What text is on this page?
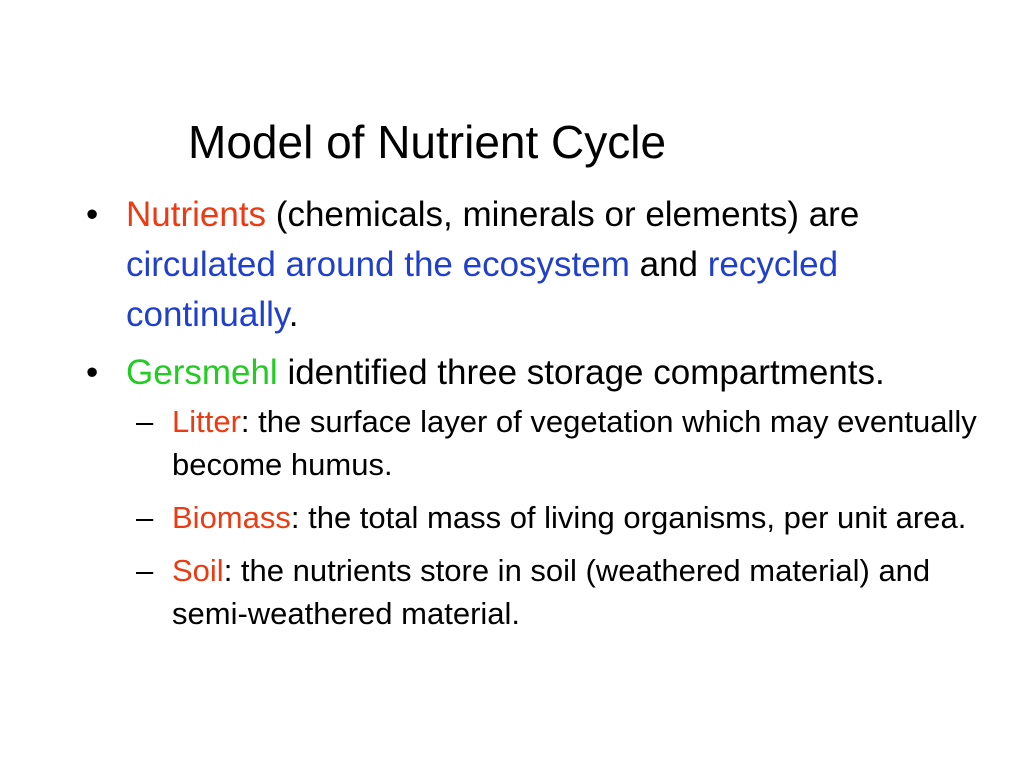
Model of Nutrient Cycle
• Nutrients (chemicals, minerals or elements) are circulated around the ecosystem and recycled continually.
• Gersmehl identified three storage compartments.
– Litter: the surface layer of vegetation which may eventually become humus.
– Biomass: the total mass of living organisms, per unit area.
– Soil: the nutrients store in soil (weathered material) and semi-weathered material.
